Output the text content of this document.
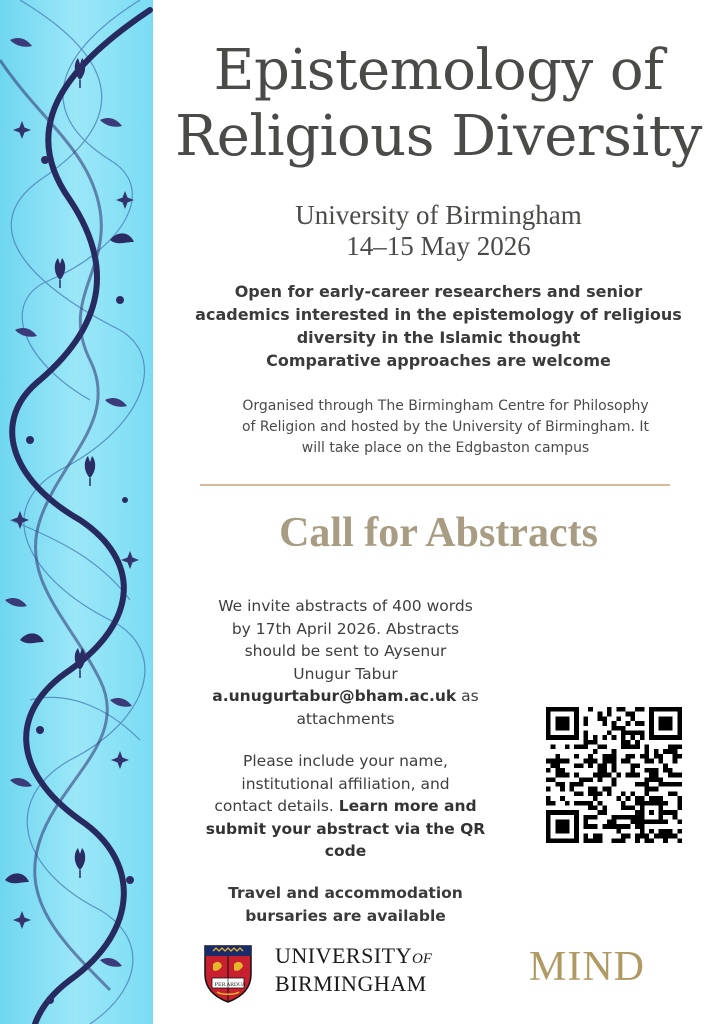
Epistemology of
Religious Diversity
University of Birmingham
14–15 May 2026
Open for early-career researchers and senior
academics interested in the epistemology of religious
diversity in the Islamic thought
Comparative approaches are welcome
Organised through The Birmingham Centre for Philosophy
of Religion and hosted by the University of Birmingham. It
will take place on the Edgbaston campus
Call for Abstracts
We invite abstracts of 400 words
by 17th April 2026. Abstracts
should be sent to Aysenur
Unugur Tabur
a.unugurtabur@bham.ac.uk as
attachments
Please include your name,
institutional affiliation, and
contact details. Learn more and
submit your abstract via the QR
code
Travel and accommodation
bursaries are available
PER ARDUA
UNIVERSITYOF
BIRMINGHAM MIND
